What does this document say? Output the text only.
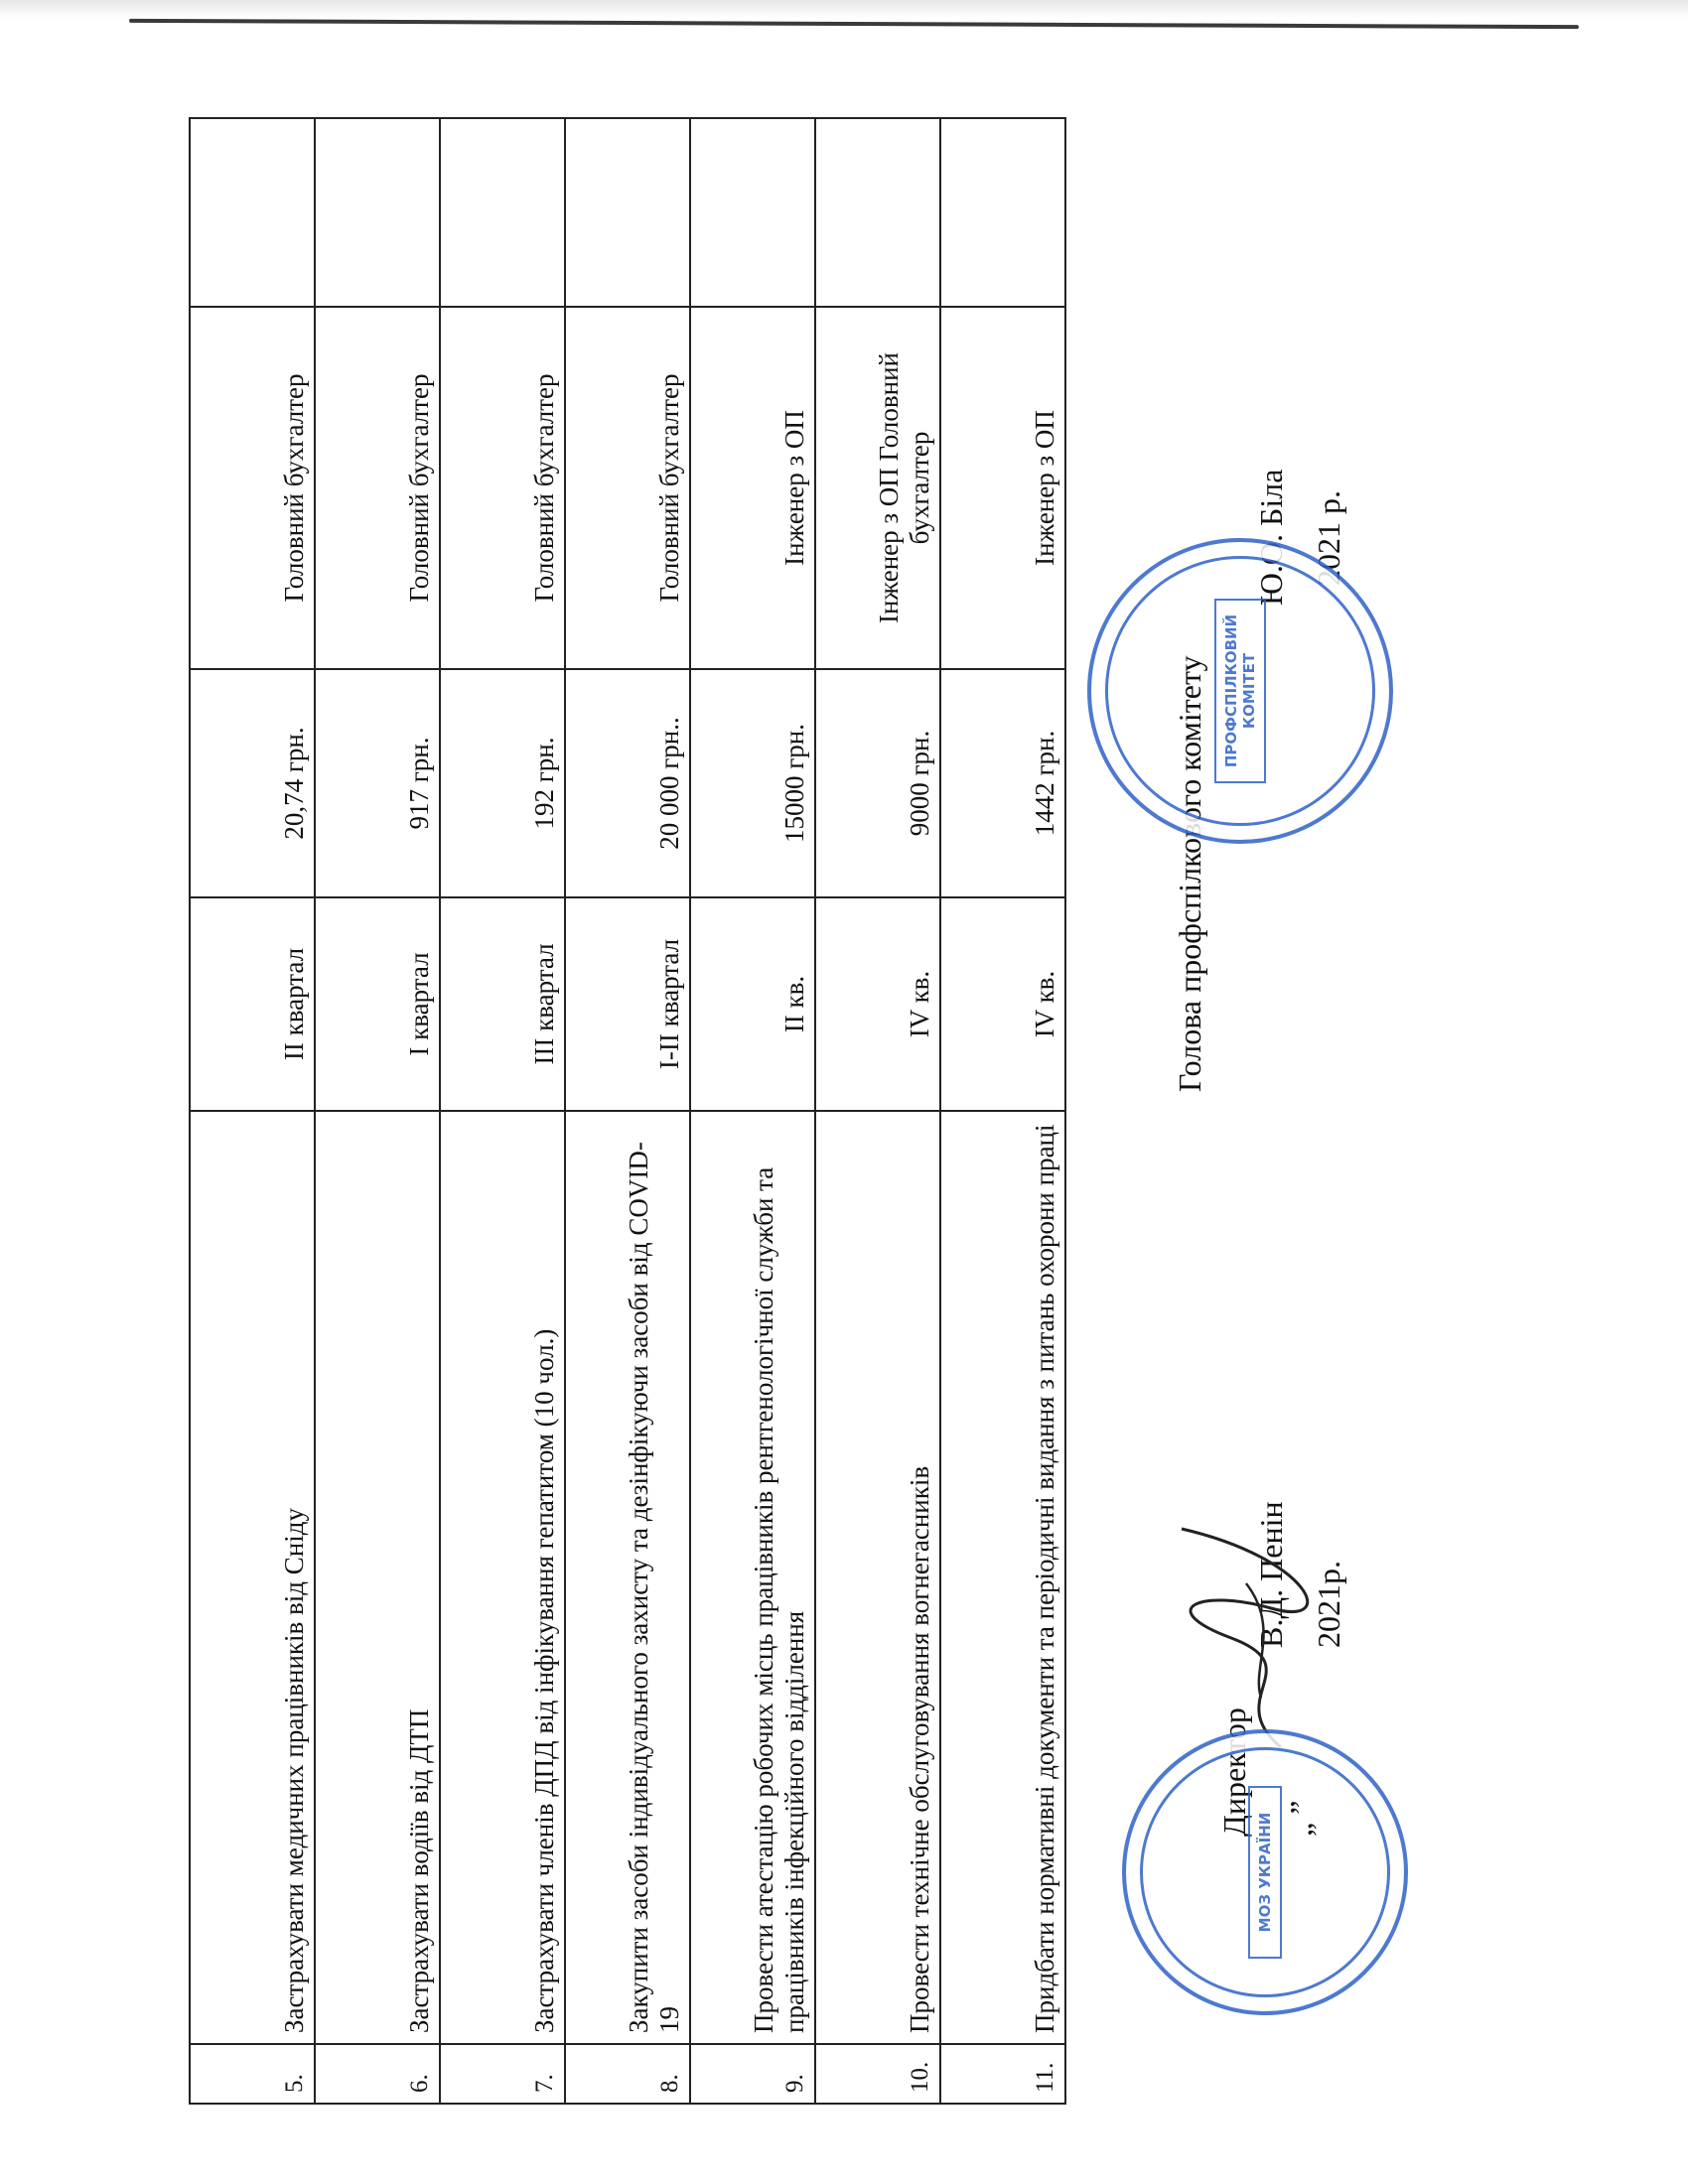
5.	Застрахувати медичних працівників від Сніду	ІІ квартал	20,74 грн.	Головний бухгалтер	
6.	Застрахувати водіїв від ДТП	І квартал	917 грн.	Головний бухгалтер	
7.	Застрахувати членів ДПД від інфікування гепатитом (10 чол.)	ІІІ квартал	192 грн.	Головний бухгалтер	
8.	Закупити засоби індивідуального захисту та дезінфікуючи засоби від COVID-19	І-ІІ квартал	20 000 грн..	Головний бухгалтер	
9.	Провести атестацію робочих місць працівників рентгенологічної служби та працівників інфекційного відділення	ІІ кв.	15000 грн.	Інженер з ОП	
10.	Провести технічне обслуговування вогнегасників	ІV кв.	9000 грн.	Інженер з ОП Головний бухгалтер	
11.	Придбати нормативні документи та періодичні видання з питань охорони праці	ІV кв.	1442 грн.	Інженер з ОП	
Директор „ ”
В.Д. Пенін 2021р.
МОЗ УКРАЇНИ
Голова профспілкового комітету
Ю.О. Біла 2021 р.
ПРОФСПІЛКОВИЙ КОМІТЕТ
